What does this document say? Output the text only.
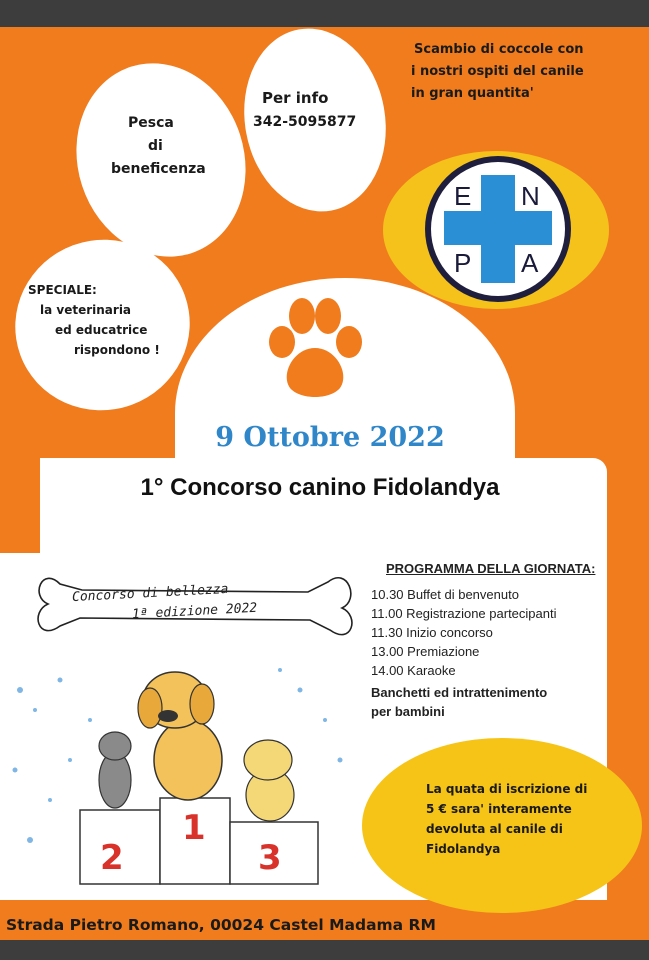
Pesca
di
beneficenza
Per info
342-5095877
SPECIALE:
la veterinaria
ed educatrice
rispondono !
Scambio di coccole con
i nostri ospiti del canile
in gran quantita'
E N
P A
9 Ottobre 2022
1° Concorso canino Fidolandya
Concorso di bellezza
1ª edizione 2022
2
1
3
PROGRAMMA DELLA GIORNATA:
10.30 Buffet di benvenuto
11.00 Registrazione partecipanti
11.30 Inizio concorso
13.00 Premiazione
14.00 Karaoke
Banchetti ed intrattenimento
per bambini
La quata di iscrizione di
5 € sara' interamente
devoluta al canile di
Fidolandya
Strada Pietro Romano, 00024 Castel Madama RM
